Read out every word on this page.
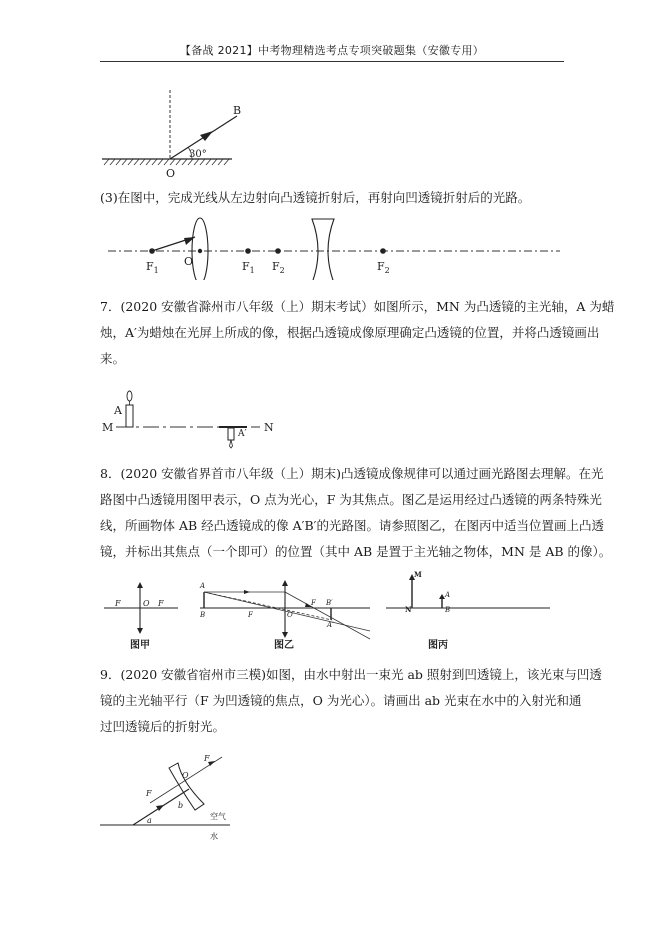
【备战 2021】中考物理精选考点专项突破题集（安徽专用）
B
30°
O
(3)在图中，完成光线从左边射向凸透镜折射后，再射向凹透镜折射后的光路。
$F_1$
O	$F_1$ $F_2$	$F_2$
7．(2020 安徽省滁州市八年级（上）期末考试）如图所示，MN 为凸透镜的主光轴，A 为蜡
烛，A′为蜡烛在光屏上所成的像，根据凸透镜成像原理确定凸透镜的位置，并将凸透镜画出
来。
M
A
A′ N
8．(2020 安徽省界首市八年级（上）期末)凸透镜成像规律可以通过画光路图去理解。在光
路图中凸透镜用图甲表示，O 点为光心，F 为其焦点。图乙是运用经过凸透镜的两条特殊光
线，所画物体 AB 经凸透镜成的像 A′B′的光路图。请参照图乙，在图丙中适当位置画上凸透
镜，并标出其焦点（一个即可）的位置（其中 AB 是置于主光轴之物体，MN 是 AB 的像）。
F	O F
图甲
A
B	F	O
F B′
A′
图乙
M
N
A
B
图丙
9．(2020 安徽省宿州市三模)如图，由水中射出一束光 ab 照射到凹透镜上，该光束与凹透
镜的主光轴平行（F 为凹透镜的焦点，O 为光心）。请画出 ab 光束在水中的入射光和通
过凹透镜后的折射光。
F
O
F
b
a	空气
水
